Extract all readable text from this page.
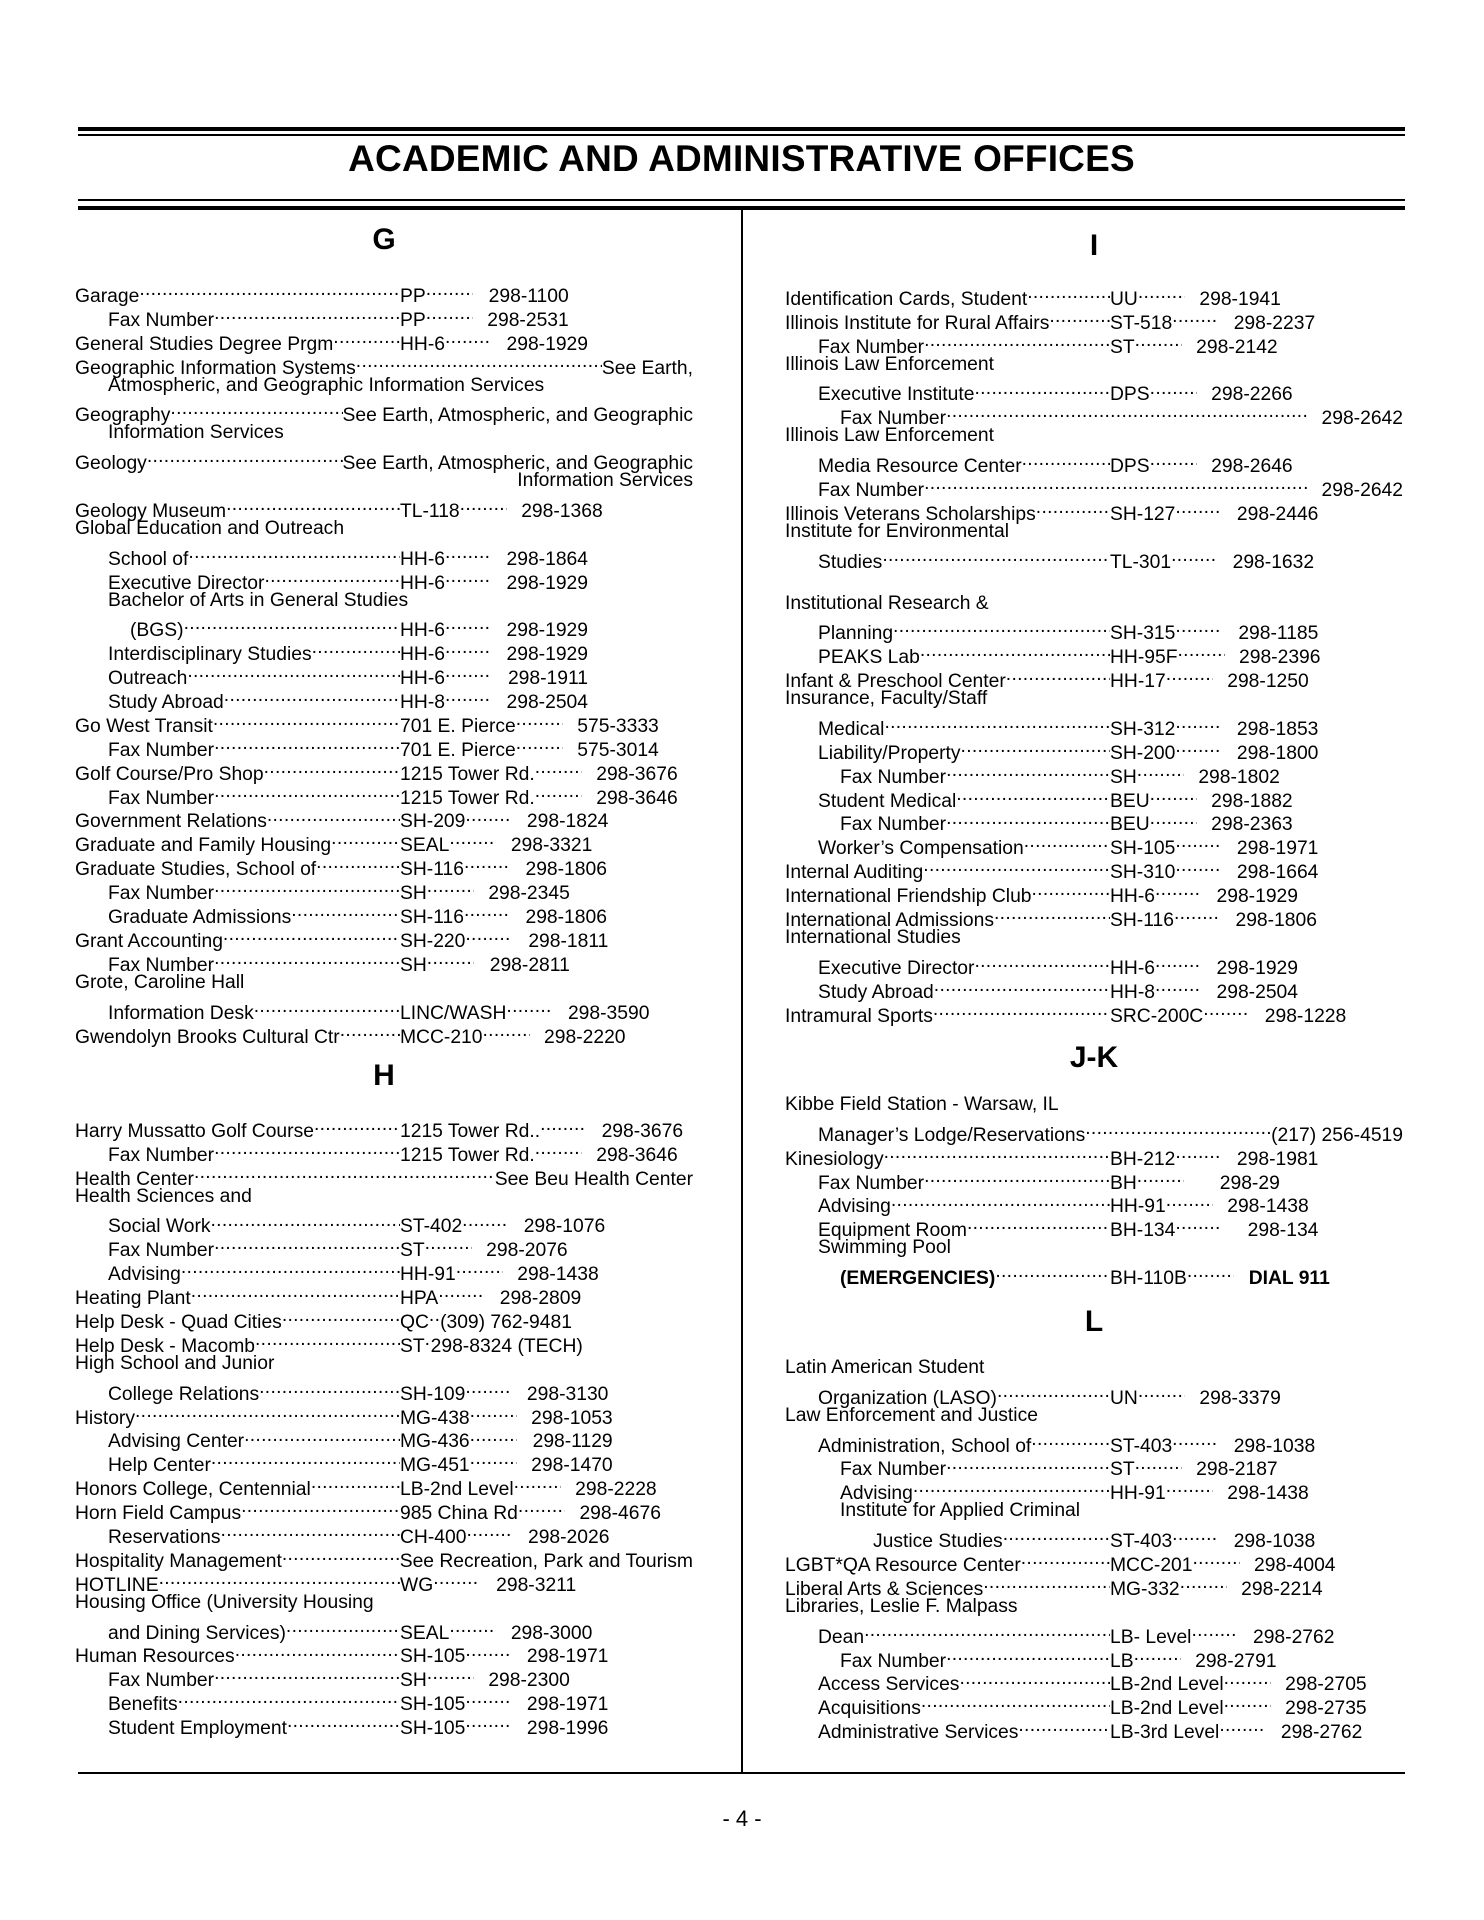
ACADEMIC AND ADMINISTRATIVE OFFICES
G
Garage .....	PP .....	298-1100
Fax Number .....	PP .....	298-2531
General Studies Degree Prgm .....	HH-6 .....	298-1929
Geographic Information Systems .....	See Earth,
Atmospheric, and Geographic Information Services
Geography .....	See Earth, Atmospheric, and Geographic
Information Services
Geology .....	See Earth, Atmospheric, and Geographic
Information Services
Geology Museum .....	TL-118 .....	298-1368
Global Education and Outreach
School of .....	HH-6 .....	298-1864
Executive Director .....	HH-6 .....	298-1929
Bachelor of Arts in General Studies
(BGS) .....	HH-6 .....	298-1929
Interdisciplinary Studies .....	HH-6 .....	298-1929
Outreach .....	HH-6 .....	298-1911
Study Abroad .....	HH-8 .....	298-2504
Go West Transit .....	701 E. Pierce .....	575-3333
Fax Number .....	701 E. Pierce .....	575-3014
Golf Course/Pro Shop .....	1215 Tower Rd. .....	298-3676
Fax Number .....	1215 Tower Rd. .....	298-3646
Government Relations .....	SH-209 .....	298-1824
Graduate and Family Housing .....	SEAL .....	298-3321
Graduate Studies, School of .....	SH-116 .....	298-1806
Fax Number .....	SH .....	298-2345
Graduate Admissions .....	SH-116 .....	298-1806
Grant Accounting .....	SH-220 .....	298-1811
Fax Number .....	SH .....	298-2811
Grote, Caroline Hall
Information Desk .....	LINC/WASH .....	298-3590
Gwendolyn Brooks Cultural Ctr .....	MCC-210 .....	298-2220
H
Harry Mussatto Golf Course .....	1215 Tower Rd.. .....	298-3676
Fax Number .....	1215 Tower Rd. .....	298-3646
Health Center .....	See Beu Health Center
Health Sciences and
Social Work .....	ST-402 .....	298-1076
Fax Number .....	ST .....	298-2076
Advising .....	HH-91 .....	298-1438
Heating Plant .....	HPA .....	298-2809
Help Desk - Quad Cities .....	QC ..... (309) 762-9481
Help Desk - Macomb .....	ST ..... 298-8324 (TECH)
High School and Junior
College Relations .....	SH-109 .....	298-3130
History .....	MG-438 .....	298-1053
Advising Center .....	MG-436 .....	298-1129
Help Center .....	MG-451 .....	298-1470
Honors College, Centennial .....	LB-2nd Level .....	298-2228
Horn Field Campus .....	985 China Rd .....	298-4676
Reservations .....	CH-400 .....	298-2026
Hospitality Management .....	See Recreation, Park and Tourism
HOTLINE .....	WG .....	298-3211
Housing Office (University Housing
and Dining Services) .....	SEAL .....	298-3000
Human Resources .....	SH-105 .....	298-1971
Fax Number .....	SH .....	298-2300
Benefits .....	SH-105 .....	298-1971
Student Employment .....	SH-105 .....	298-1996
I
Identification Cards, Student .....	UU .....	298-1941
Illinois Institute for Rural Affairs .....	ST-518 .....	298-2237
Fax Number .....	ST .....	298-2142
Illinois Law Enforcement
Executive Institute .....	DPS .....	298-2266
Fax Number .....	298-2642
Illinois Law Enforcement
Media Resource Center .....	DPS .....	298-2646
Fax Number .....	298-2642
Illinois Veterans Scholarships .....	SH-127 .....	298-2446
Institute for Environmental
Studies .....	TL-301 .....	298-1632
Institutional Research &
Planning .....	SH-315 .....	298-1185
PEAKS Lab .....	HH-95F .....	298-2396
Infant & Preschool Center .....	HH-17 .....	298-1250
Insurance, Faculty/Staff
Medical .....	SH-312 .....	298-1853
Liability/Property .....	SH-200 .....	298-1800
Fax Number .....	SH .....	298-1802
Student Medical .....	BEU .....	298-1882
Fax Number .....	BEU .....	298-2363
Worker’s Compensation .....	SH-105 .....	298-1971
Internal Auditing .....	SH-310 .....	298-1664
International Friendship Club .....	HH-6 .....	298-1929
International Admissions .....	SH-116 .....	298-1806
International Studies
Executive Director .....	HH-6 .....	298-1929
Study Abroad .....	HH-8 .....	298-2504
Intramural Sports .....	SRC-200C .....	298-1228
J-K
Kibbe Field Station - Warsaw, IL
Manager’s Lodge/Reservations .....	(217) 256-4519
Kinesiology .....	BH-212 .....	298-1981
Fax Number .....	BH .....	298-29
Advising .....	HH-91 .....	298-1438
Equipment Room .....	BH-134 .....	298-134
Swimming Pool
(EMERGENCIES) .....	BH-110B .....	DIAL 911
L
Latin American Student
Organization (LASO) .....	UN .....	298-3379
Law Enforcement and Justice
Administration, School of .....	ST-403 .....	298-1038
Fax Number .....	ST .....	298-2187
Advising .....	HH-91 .....	298-1438
Institute for Applied Criminal
Justice Studies .....	ST-403 .....	298-1038
LGBT*QA Resource Center .....	MCC-201 .....	298-4004
Liberal Arts & Sciences .....	MG-332 .....	298-2214
Libraries, Leslie F. Malpass
Dean .....	LB- Level .....	298-2762
Fax Number .....	LB .....	298-2791
Access Services .....	LB-2nd Level .....	298-2705
Acquisitions .....	LB-2nd Level .....	298-2735
Administrative Services .....	LB-3rd Level .....	298-2762
- 4 -
